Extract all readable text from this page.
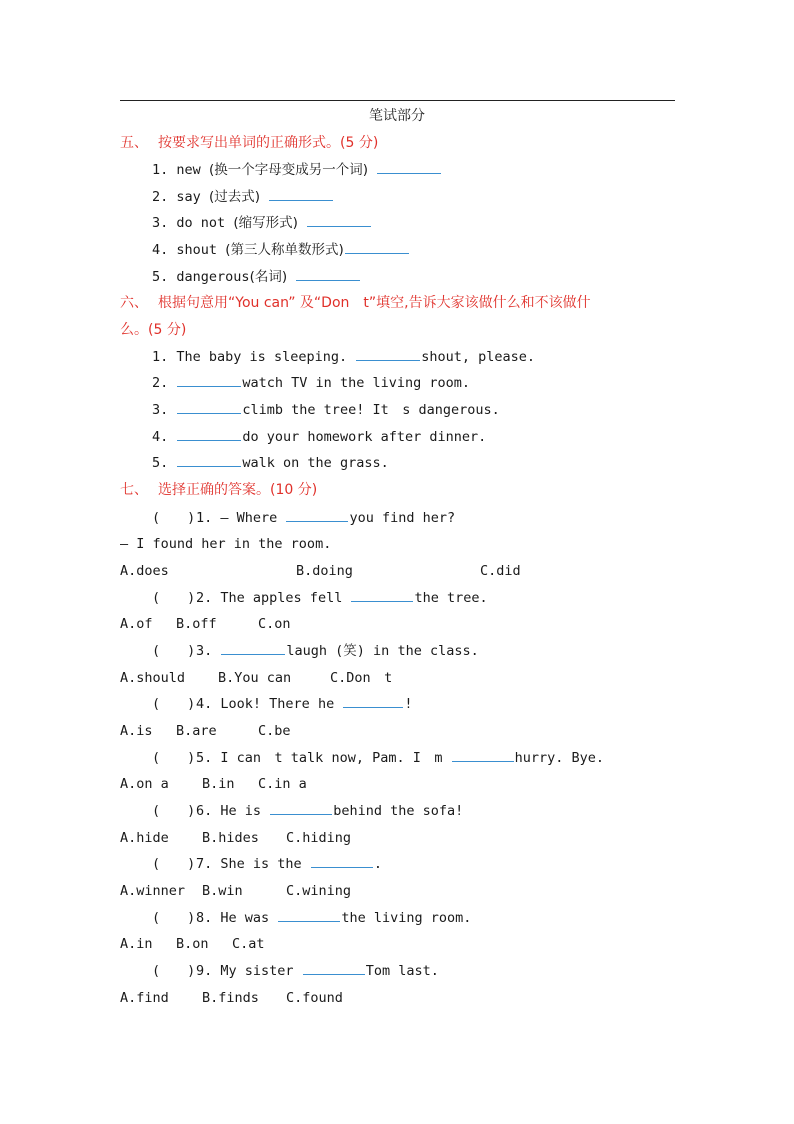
笔试部分
五、 按要求写出单词的正确形式。(5 分)
1. new (换一个字母变成另一个词)
2. say (过去式)
3. do not (缩写形式)
4. shout (第三人称单数形式)
5. dangerous(名词)
六、 根据句意用“You can” 及“Don　t”填空,告诉大家该做什么和不该做什
么。(5 分)
1. The baby is sleeping.	shout, please.
2.	watch TV in the living room.
3.	climb the tree! It　s dangerous.
4.	do your homework after dinner.
5.	walk on the grass.
七、 选择正确的答案。(10 分)
(　　)1. — Where	you find her?
— I found her in the room.
A.does	B.doing	C.did
(　　)2. The apples fell	the tree.
A.of B.off	C.on
(　　)3.	laugh (笑) in the class.
A.should B.You can	C.Don　t
(　　)4. Look! There he	!
A.is B.are	C.be
(　　)5. I can　t talk now, Pam. I　m	hurry. Bye.
A.on a B.in C.in a
(　　)6. He is	behind the sofa!
A.hide B.hides C.hiding
(　　)7. She is the	.
A.winner B.win	C.wining
(　　)8. He was	the living room.
A.in B.on C.at
(　　)9. My sister	Tom last.
A.find B.finds C.found
